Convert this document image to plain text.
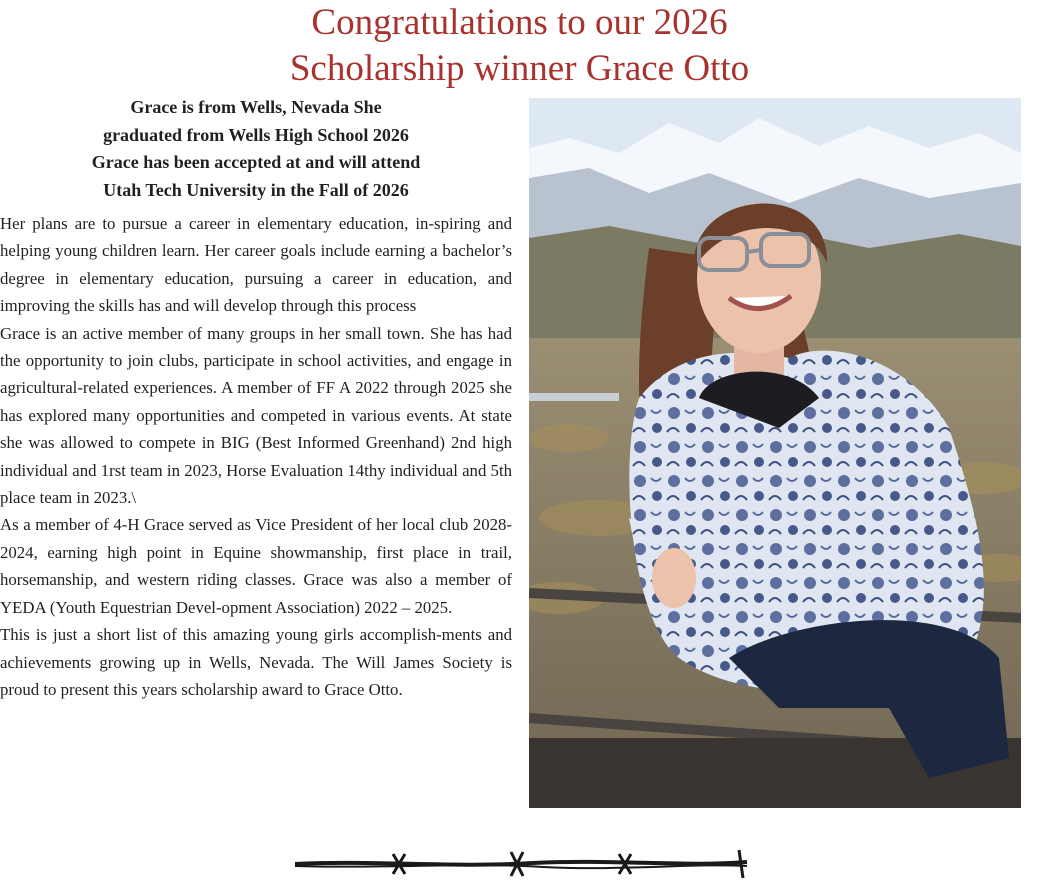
Congratulations to our 2026
Scholarship winner Grace Otto
Grace is from Wells, Nevada She
graduated from Wells High School 2026
Grace has been accepted at and will attend
Utah Tech University in the Fall of 2026

Her plans are to pursue a career in elementary education, in-spiring and helping young children learn. Her career goals include earning a bachelor’s degree in elementary education, pursuing a career in education, and improving the skills has and will develop through this process

Grace is an active member of many groups in her small town. She has had the opportunity to join clubs, participate in school activities, and engage in agricultural-related experiences. A member of FF A 2022 through 2025 she has explored many opportunities and competed in various events. At state she was allowed to compete in BIG (Best Informed Greenhand) 2nd high individual and 1rst team in 2023, Horse Evaluation 14thy individual and 5th place team in 2023.\

As a member of 4-H Grace served as Vice President of her local club 2028-2024, earning high point in Equine showmanship, first place in trail, horsemanship, and western riding classes. Grace was also a member of YEDA (Youth Equestrian Devel-opment Association) 2022 – 2025.

This is just a short list of this amazing young girls accomplish-ments and achievements growing up in Wells, Nevada. The Will James Society is proud to present this years scholarship award to Grace Otto.
